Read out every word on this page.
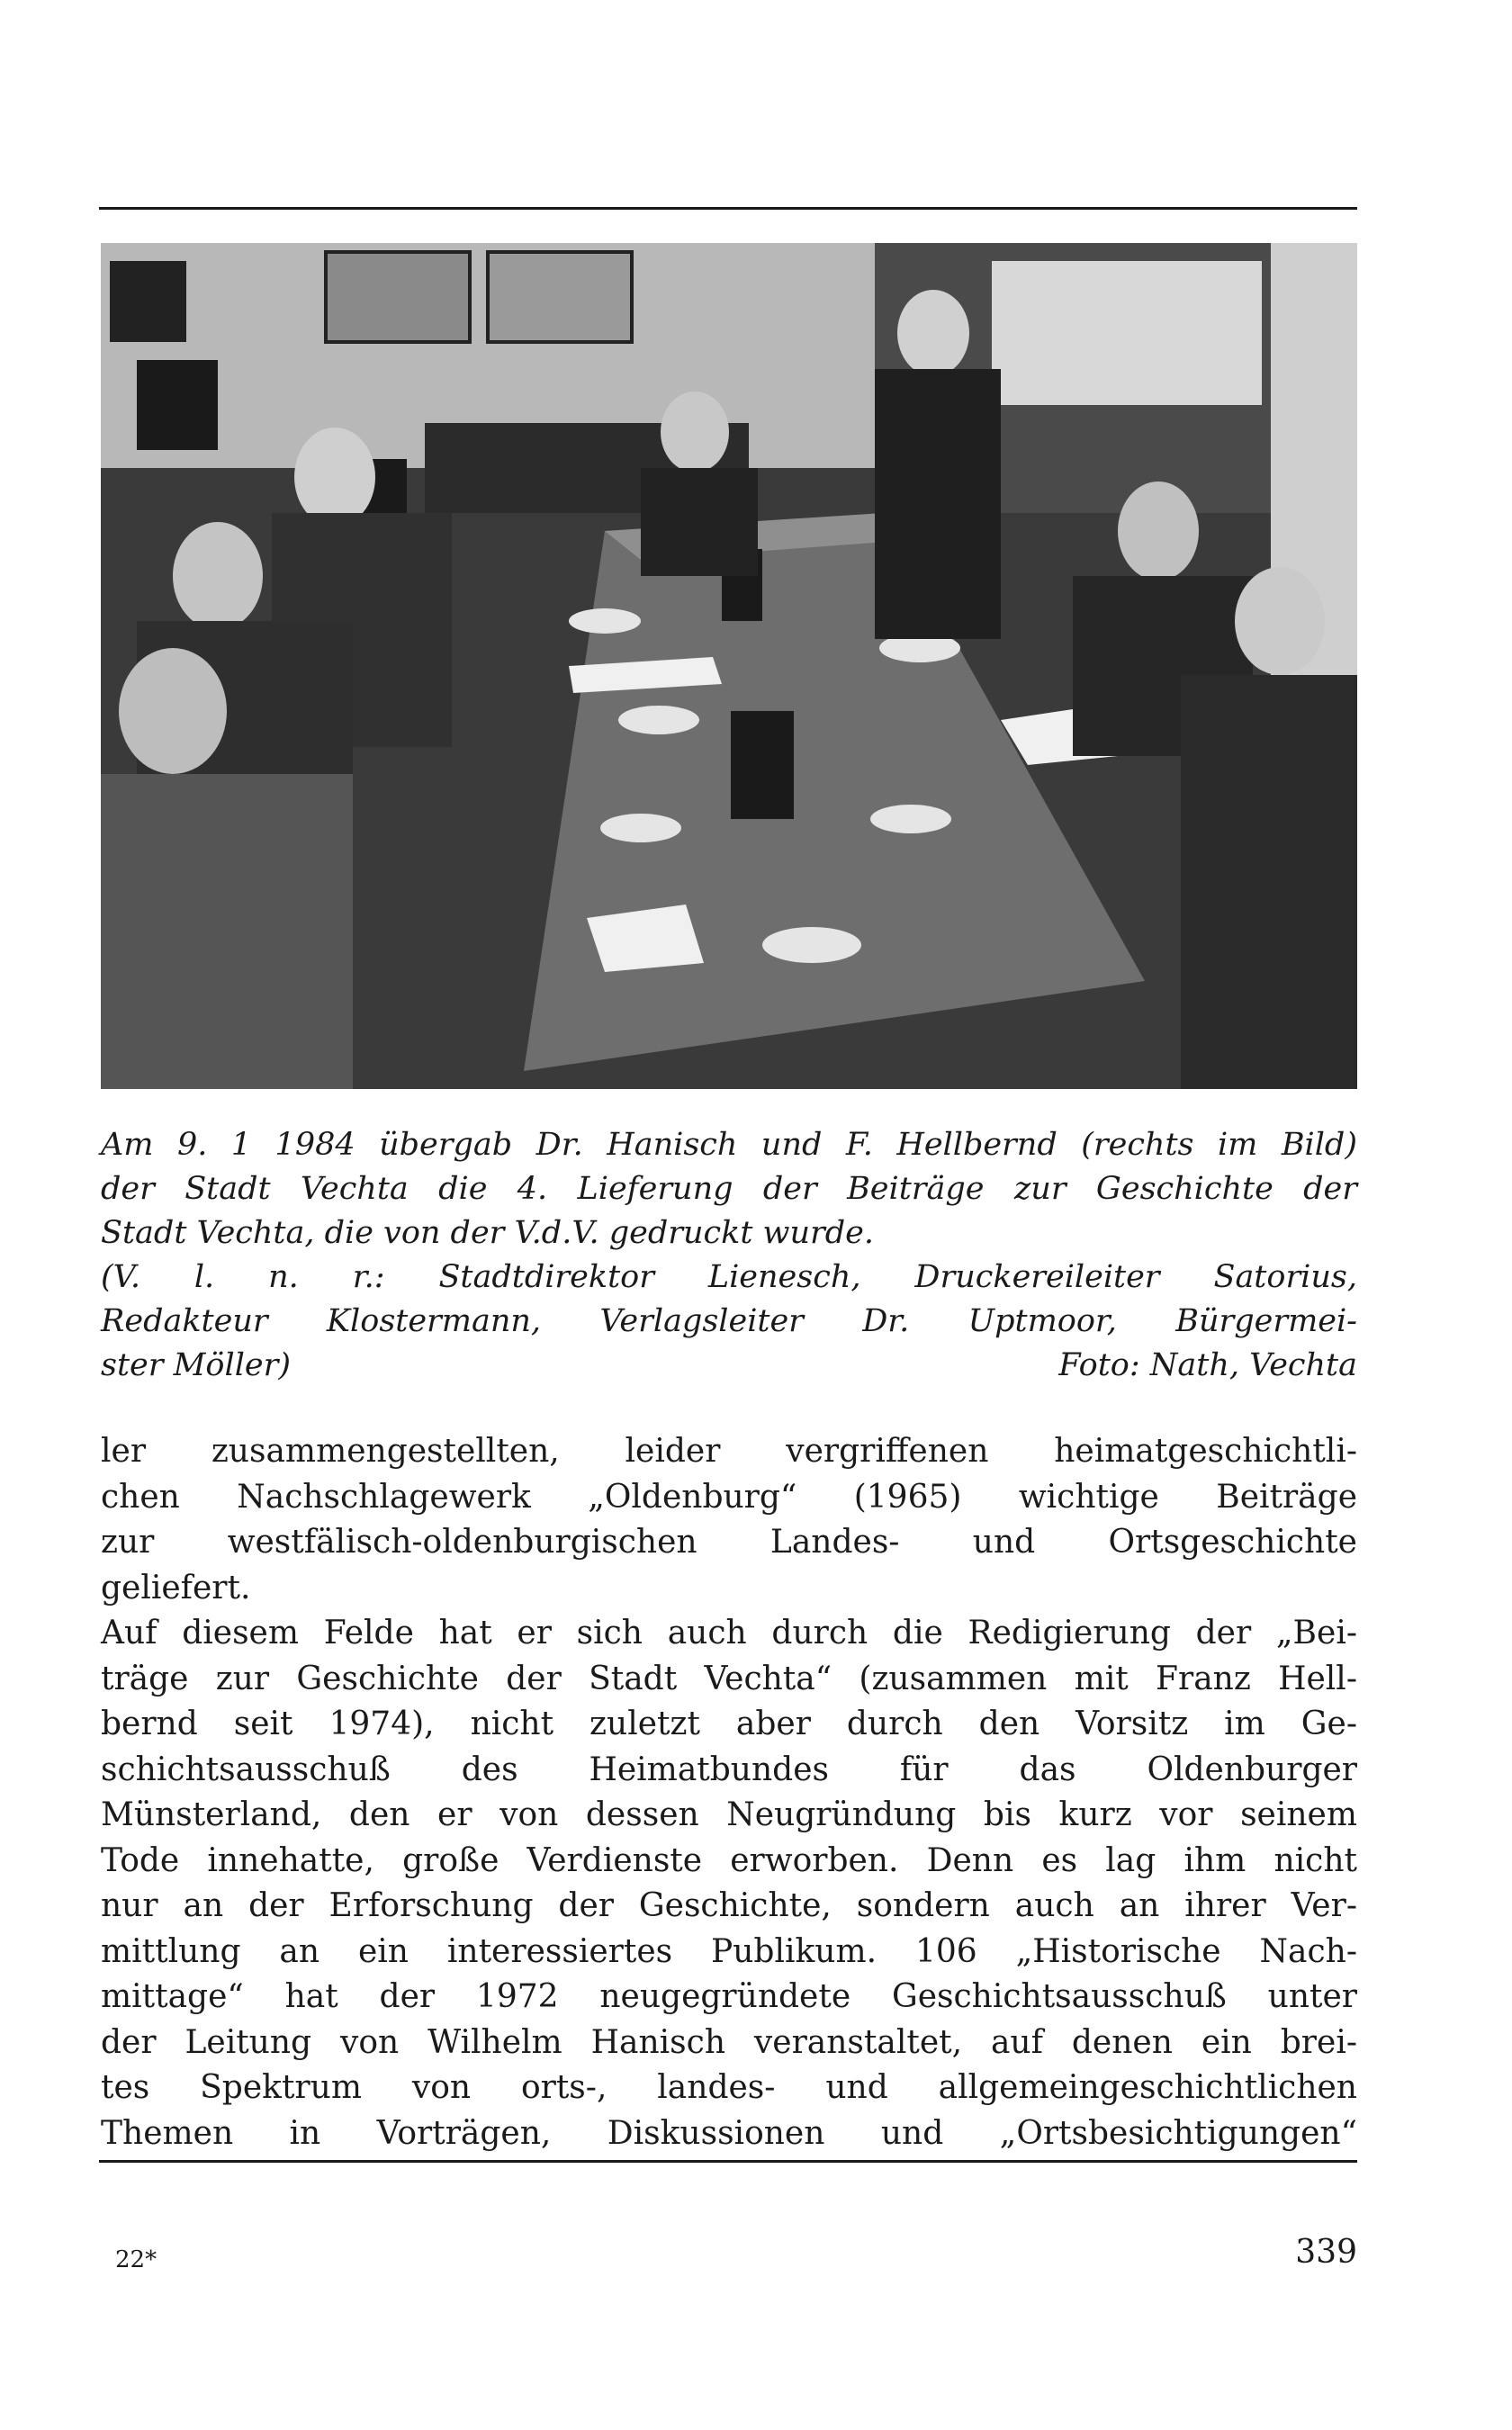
Am 9. 1 1984 übergab Dr. Hanisch und F. Hellbernd (rechts im Bild)
der Stadt Vechta die 4. Lieferung der Beiträge zur Geschichte der
Stadt Vechta, die von der V.d.V. gedruckt wurde.
(V. l. n. r.: Stadtdirektor Lienesch, Druckereileiter Satorius,
Redakteur Klostermann, Verlagsleiter Dr. Uptmoor, Bürgermei-
ster Möller)	Foto: Nath, Vechta
ler zusammengestellten, leider vergriffenen heimatgeschichtli-
chen Nachschlagewerk „Oldenburg“ (1965) wichtige Beiträge
zur westfälisch-oldenburgischen Landes- und Ortsgeschichte
geliefert.
Auf diesem Felde hat er sich auch durch die Redigierung der „Bei-
träge zur Geschichte der Stadt Vechta“ (zusammen mit Franz Hell-
bernd seit 1974), nicht zuletzt aber durch den Vorsitz im Ge-
schichtsausschuß des Heimatbundes für das Oldenburger
Münsterland, den er von dessen Neugründung bis kurz vor seinem
Tode innehatte, große Verdienste erworben. Denn es lag ihm nicht
nur an der Erforschung der Geschichte, sondern auch an ihrer Ver-
mittlung an ein interessiertes Publikum. 106 „Historische Nach-
mittage“ hat der 1972 neugegründete Geschichtsausschuß unter
der Leitung von Wilhelm Hanisch veranstaltet, auf denen ein brei-
tes Spektrum von orts-, landes- und allgemeingeschichtlichen
Themen in Vorträgen, Diskussionen und „Ortsbesichtigungen“
22*	339
